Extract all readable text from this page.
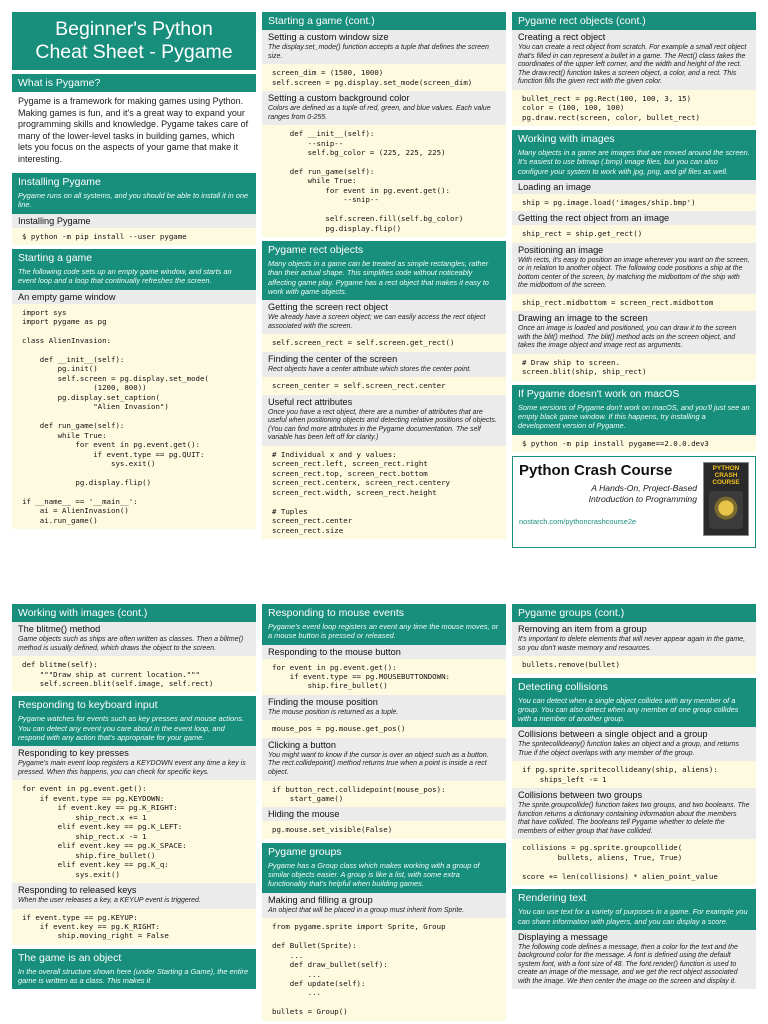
Beginner's Python
Cheat Sheet - Pygame
What is Pygame?
Pygame is a framework for making games using Python. Making games is fun, and it's a great way to expand your programming skills and knowledge. Pygame takes care of many of the lower-level tasks in building games, which lets you focus on the aspects of your game that make it interesting.
Installing Pygame
Pygame runs on all systems, and you should be able to install it in one line.
Installing Pygame
$ python -m pip install --user pygame
Starting a game
The following code sets up an empty game window, and starts an event loop and a loop that continually refreshes the screen.
An empty game window
import sys
import pygame as pg

class AlienInvasion:

def __init__(self):
pg.init()
self.screen = pg.display.set_mode(
(1200, 800))
pg.display.set_caption(
"Alien Invasion")

def run_game(self):
while True:
for event in pg.event.get():
if event.type == pg.QUIT:
sys.exit()

pg.display.flip()

if __name__ == '__main__':
ai = AlienInvasion()
ai.run_game()
Starting a game (cont.)
Setting a custom window size
The display.set_mode() function accepts a tuple that defines the screen size.
screen_dim = (1500, 1000)
self.screen = pg.display.set_mode(screen_dim)
Setting a custom background color
Colors are defined as a tuple of red, green, and blue values. Each value ranges from 0-255.
def __init__(self):
--snip--
self.bg_color = (225, 225, 225)

def run_game(self):
while True:
for event in pg.event.get():
--snip--

self.screen.fill(self.bg_color)
pg.display.flip()
Pygame rect objects
Many objects in a game can be treated as simple rectangles, rather than their actual shape. This simplifies code without noticeably affecting game play. Pygame has a rect object that makes it easy to work with game objects.
Getting the screen rect object
We already have a screen object; we can easily access the rect object associated with the screen.
self.screen_rect = self.screen.get_rect()
Finding the center of the screen
Rect objects have a center attribute which stores the center point.
screen_center = self.screen_rect.center
Useful rect attributes
Once you have a rect object, there are a number of attributes that are useful when positioning objects and detecting relative positions of objects. (You can find more attributes in the Pygame documentation. The self variable has been left off for clarity.)
# Individual x and y values:
screen_rect.left, screen_rect.right
screen_rect.top, screen_rect.bottom
screen_rect.centerx, screen_rect.centery
screen_rect.width, screen_rect.height

# Tuples
screen_rect.center
screen_rect.size
Pygame rect objects (cont.)
Creating a rect object
You can create a rect object from scratch. For example a small rect object that's filled in can represent a bullet in a game. The Rect() class takes the coordinates of the upper left corner, and the width and height of the rect. The draw.rect() function takes a screen object, a color, and a rect. This function fills the given rect with the given color.
bullet_rect = pg.Rect(100, 100, 3, 15)
color = (100, 100, 100)
pg.draw.rect(screen, color, bullet_rect)
Working with images
Many objects in a game are images that are moved around the screen. It's easiest to use bitmap (.bmp) image files, but you can also configure your system to work with jpg, png, and gif files as well.
Loading an image
ship = pg.image.load('images/ship.bmp')
Getting the rect object from an image
ship_rect = ship.get_rect()
Positioning an image
With rects, it's easy to position an image wherever you want on the screen, or in relation to another object. The following code positions a ship at the bottom center of the screen, by matching the midbottom of the ship with the midbottom of the screen.
ship_rect.midbottom = screen_rect.midbottom
Drawing an image to the screen
Once an image is loaded and positioned, you can draw it to the screen with the blit() method. The blit() method acts on the screen object, and takes the image object and image rect as arguments.
# Draw ship to screen.
screen.blit(ship, ship_rect)
If Pygame doesn't work on macOS
Some versions of Pygame don't work on macOS, and you'll just see an empty black game window. If this happens, try installing a development version of Pygame.
$ python -m pip install pygame==2.0.0.dev3
Python Crash Course
A Hands-On, Project-Based
Introduction to Programming
nostarch.com/pythoncrashcourse2e
PYTHON CRASH COURSE
Working with images (cont.)
The blitme() method
Game objects such as ships are often written as classes. Then a blitme() method is usually defined, which draws the object to the screen.
def blitme(self):
"""Draw ship at current location."""
self.screen.blit(self.image, self.rect)
Responding to keyboard input
Pygame watches for events such as key presses and mouse actions. You can detect any event you care about in the event loop, and respond with any action that's appropriate for your game.
Responding to key presses
Pygame's main event loop registers a KEYDOWN event any time a key is pressed. When this happens, you can check for specific keys.
for event in pg.event.get():
if event.type == pg.KEYDOWN:
if event.key == pg.K_RIGHT:
ship_rect.x += 1
elif event.key == pg.K_LEFT:
ship_rect.x -= 1
elif event.key == pg.K_SPACE:
ship.fire_bullet()
elif event.key == pg.K_q:
sys.exit()
Responding to released keys
When the user releases a key, a KEYUP event is triggered.
if event.type == pg.KEYUP:
if event.key == pg.K_RIGHT:
ship.moving_right = False
The game is an object
In the overall structure shown here (under Starting a Game), the entire game is written as a class. This makes it
Responding to mouse events
Pygame's event loop registers an event any time the mouse moves, or a mouse button is pressed or released.
Responding to the mouse button
for event in pg.event.get():
if event.type == pg.MOUSEBUTTONDOWN:
ship.fire_bullet()
Finding the mouse position
The mouse position is returned as a tuple.
mouse_pos = pg.mouse.get_pos()
Clicking a button
You might want to know if the cursor is over an object such as a button. The rect.collidepoint() method returns true when a point is inside a rect object.
if button_rect.collidepoint(mouse_pos):
start_game()
Hiding the mouse
pg.mouse.set_visible(False)
Pygame groups
Pygame has a Group class which makes working with a group of similar objects easier. A group is like a list, with some extra functionality that's helpful when building games.
Making and filling a group
An object that will be placed in a group must inherit from Sprite.
from pygame.sprite import Sprite, Group

def Bullet(Sprite):
...
def draw_bullet(self):
...
def update(self):
...

bullets = Group()
Pygame groups (cont.)
Removing an item from a group
It's important to delete elements that will never appear again in the game, so you don't waste memory and resources.
bullets.remove(bullet)
Detecting collisions
You can detect when a single object collides with any member of a group. You can also detect when any member of one group collides with a member of another group.
Collisions between a single object and a group
The spritecollideany() function takes an object and a group, and returns True if the object overlaps with any member of the group.
if pg.sprite.spritecollideany(ship, aliens):
ships_left -= 1
Collisions between two groups
The sprite.groupcollide() function takes two groups, and two booleans. The function returns a dictionary containing information about the members that have collided. The booleans tell Pygame whether to delete the members of either group that have collided.
collisions = pg.sprite.groupcollide(
bullets, aliens, True, True)

score += len(collisions) * alien_point_value
Rendering text
You can use text for a variety of purposes in a game. For example you can share information with players, and you can display a score.
Displaying a message
The following code defines a message, then a color for the text and the background color for the message. A font is defined using the default system font, with a font size of 48. The font.render() function is used to create an image of the message, and we get the rect object associated with the image. We then center the image on the screen and display it.
